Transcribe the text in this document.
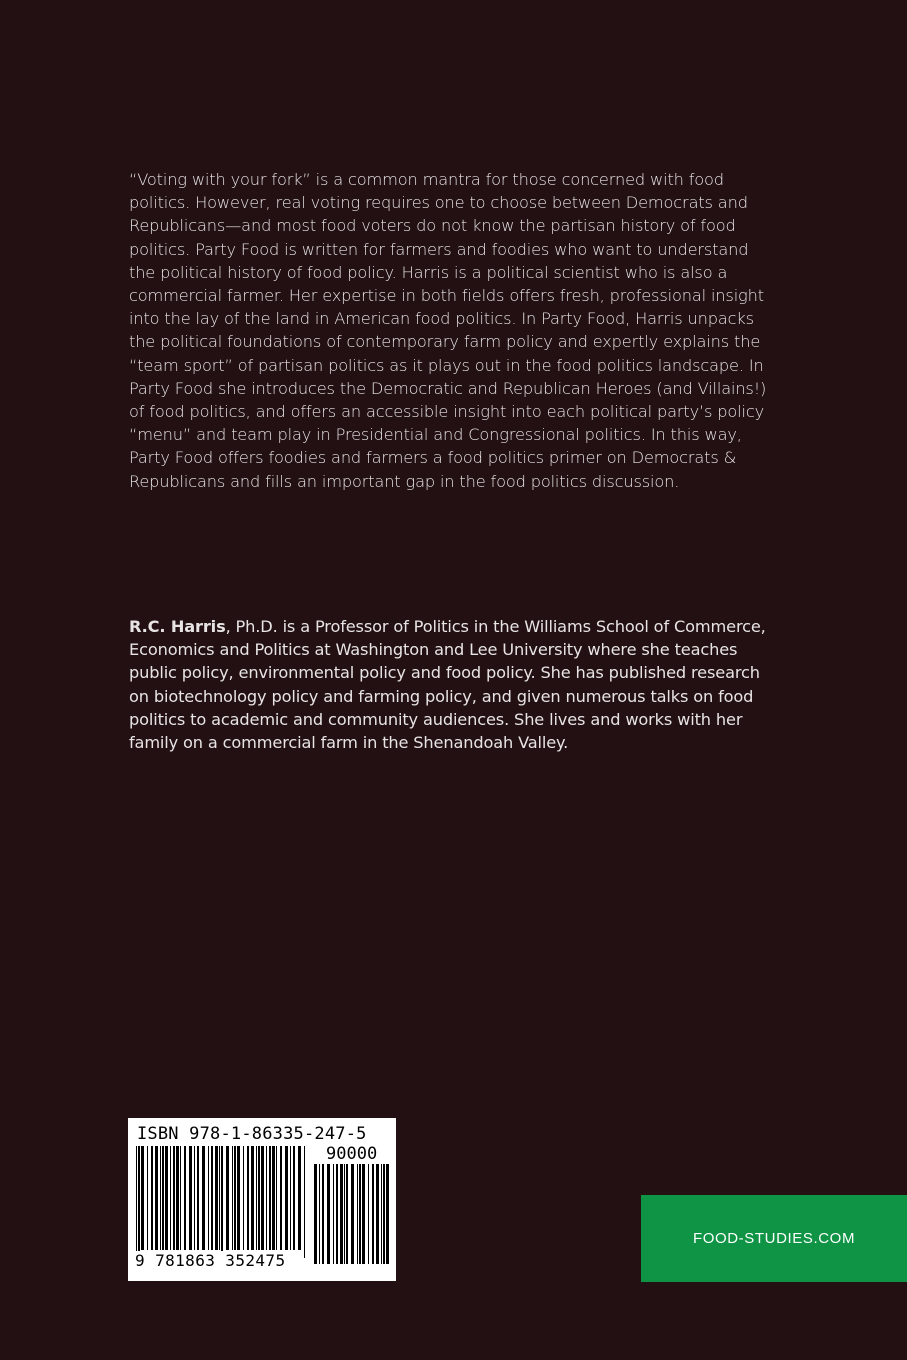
“Voting with your fork” is a common mantra for those concerned with food politics. However, real voting requires one to choose between Democrats and Republicans—and most food voters do not know the partisan history of food politics. Party Food is written for farmers and foodies who want to understand the political history of food policy. Harris is a political scientist who is also a commercial farmer. Her expertise in both fields offers fresh, professional insight into the lay of the land in American food politics. In Party Food, Harris unpacks the political foundations of contemporary farm policy and expertly explains the “team sport” of partisan politics as it plays out in the food politics landscape. In Party Food she introduces the Democratic and Republican Heroes (and Villains!) of food politics, and offers an accessible insight into each political party’s policy “menu” and team play in Presidential and Congressional politics. In this way, Party Food offers foodies and farmers a food politics primer on Democrats & Republicans and fills an important gap in the food politics discussion.

R.C. Harris, Ph.D. is a Professor of Politics in the Williams School of Commerce, Economics and Politics at Washington and Lee University where she teaches public policy, environmental policy and food policy. She has published research on biotechnology policy and farming policy, and given numerous talks on food politics to academic and community audiences. She lives and works with her family on a commercial farm in the Shenandoah Valley.

ISBN 978-1-86335-247-5
90000
9 781863 352475
FOOD-STUDIES.COM
